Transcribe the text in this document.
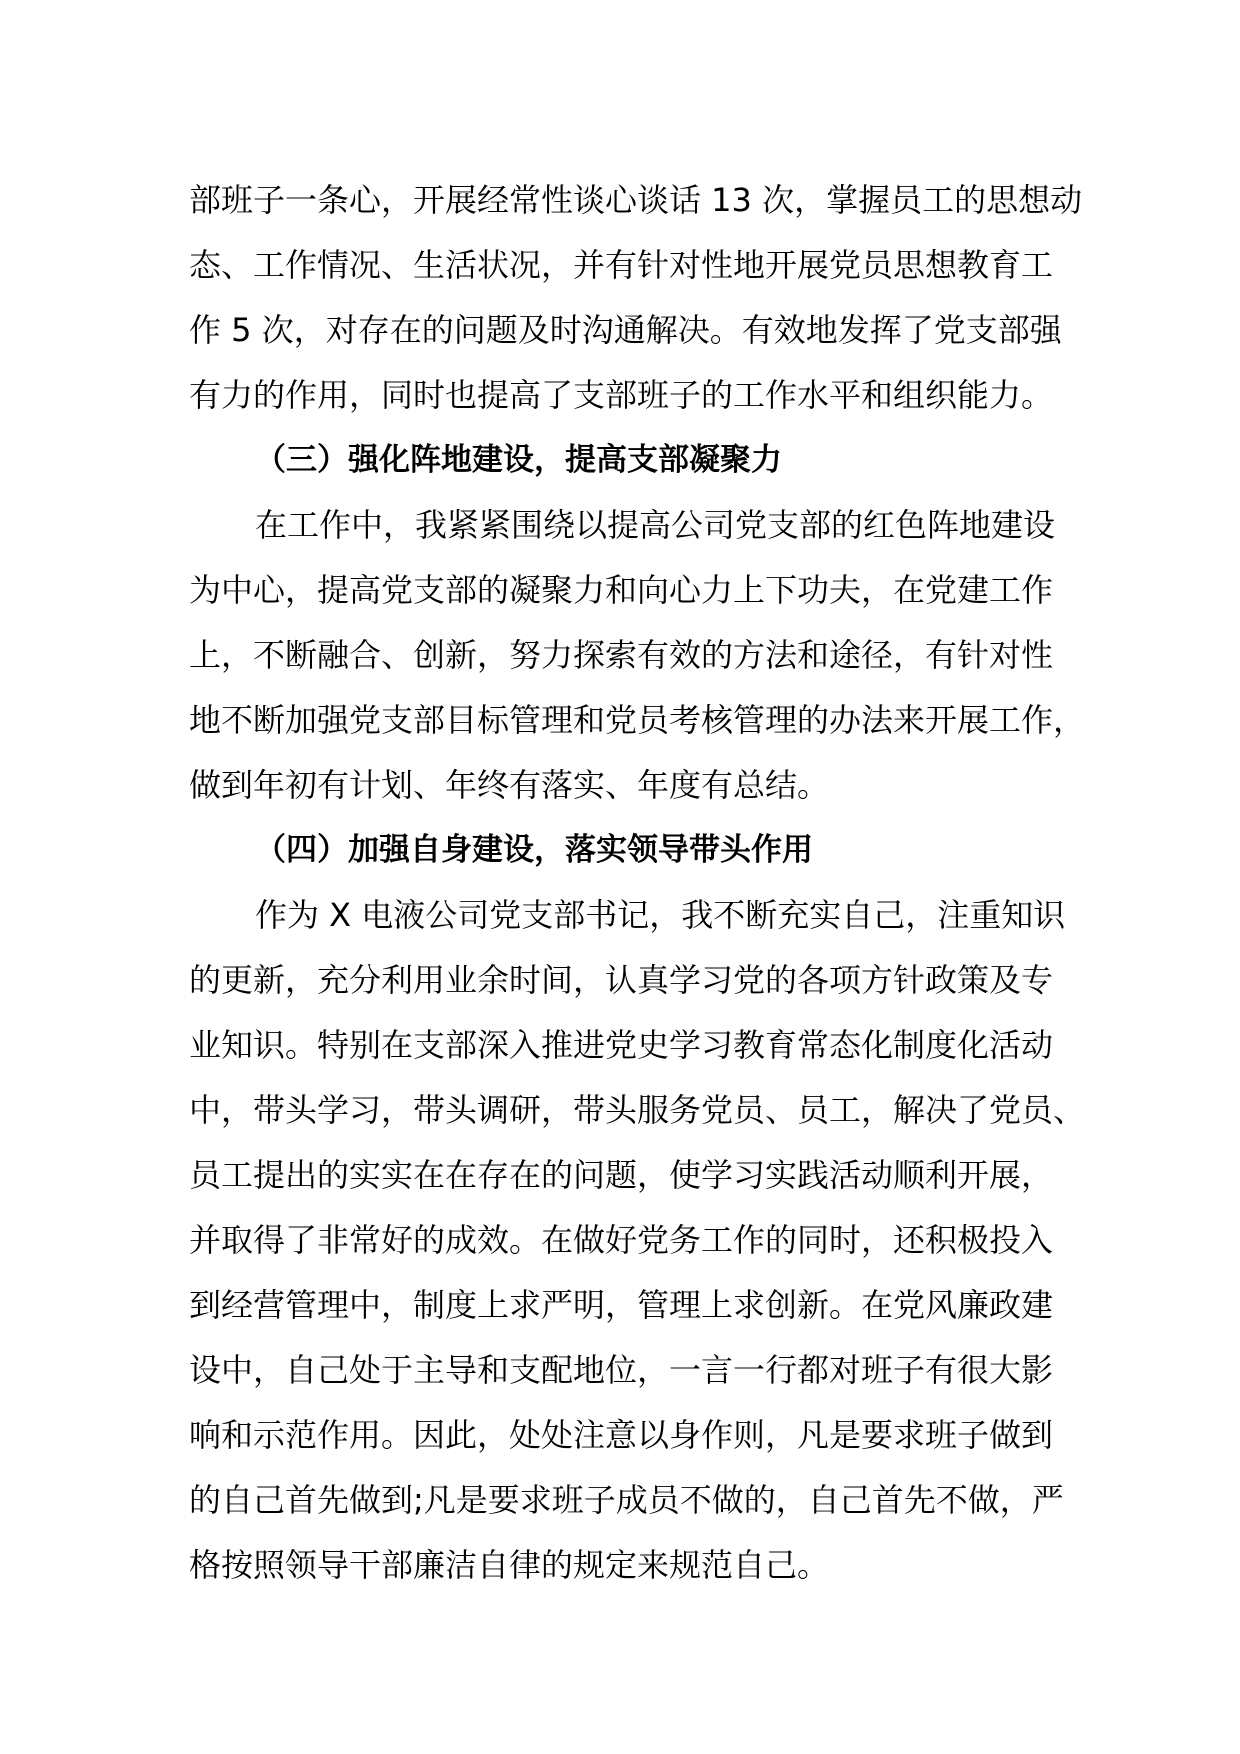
部班子一条心，开展经常性谈心谈话 13 次，掌握员工的思想动
态、工作情况、生活状况，并有针对性地开展党员思想教育工
作 5 次，对存在的问题及时沟通解决。有效地发挥了党支部强
有力的作用，同时也提高了支部班子的工作水平和组织能力。
（三）强化阵地建设，提高支部凝聚力
在工作中，我紧紧围绕以提高公司党支部的红色阵地建设
为中心，提高党支部的凝聚力和向心力上下功夫，在党建工作
上，不断融合、创新，努力探索有效的方法和途径，有针对性
地不断加强党支部目标管理和党员考核管理的办法来开展工作，
做到年初有计划、年终有落实、年度有总结。
（四）加强自身建设，落实领导带头作用
作为 X 电液公司党支部书记，我不断充实自己，注重知识
的更新，充分利用业余时间，认真学习党的各项方针政策及专
业知识。特别在支部深入推进党史学习教育常态化制度化活动
中，带头学习，带头调研，带头服务党员、员工，解决了党员、
员工提出的实实在在存在的问题，使学习实践活动顺利开展，
并取得了非常好的成效。在做好党务工作的同时，还积极投入
到经营管理中，制度上求严明，管理上求创新。在党风廉政建
设中，自己处于主导和支配地位，一言一行都对班子有很大影
响和示范作用。因此，处处注意以身作则，凡是要求班子做到
的自己首先做到;凡是要求班子成员不做的，自己首先不做，严
格按照领导干部廉洁自律的规定来规范自己。
